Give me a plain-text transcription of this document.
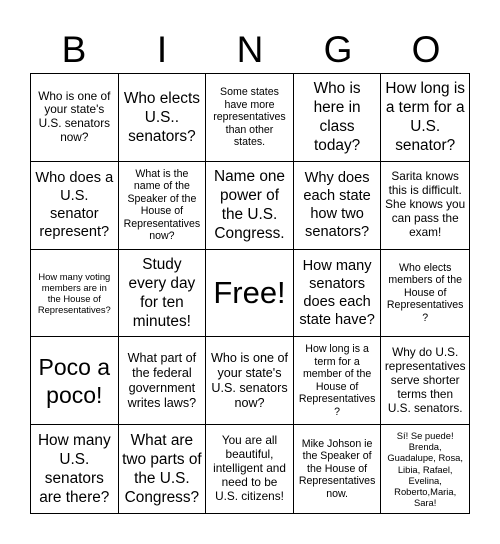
B	I	N	G	O
Who is one of your state's U.S. senators now?
Who elects U.S.. senators?
Some states have more representatives than other states.
Who is here in class today?
How long is a term for a U.S. senator?
Who does a U.S. senator represent?
What is the name of the Speaker of the House of Representatives now?
Name one power of the U.S. Congress.
Why does each state how two senators?
Sarita knows this is difficult. She knows you can pass the exam!
How many voting members are in the House of Representatives?
Study every day for ten minutes!
Free!
How many senators does each state have?
Who elects members of the House of Representatives?
Poco a poco!
What part of the federal government writes laws?
Who is one of your state's U.S. senators now?
How long is a term for a member of the House of Representatives?
Why do U.S. representatives serve shorter terms then U.S. senators.
How many U.S. senators are there?
What are two parts of the U.S. Congress?
You are all beautiful, intelligent and need to be U.S. citizens!
Mike Johson ie the Speaker of the House of Representatives now.
Sí! Se puede! Brenda, Guadalupe, Rosa, Libia, Rafael, Evelina, Roberto,Maria, Sara!
